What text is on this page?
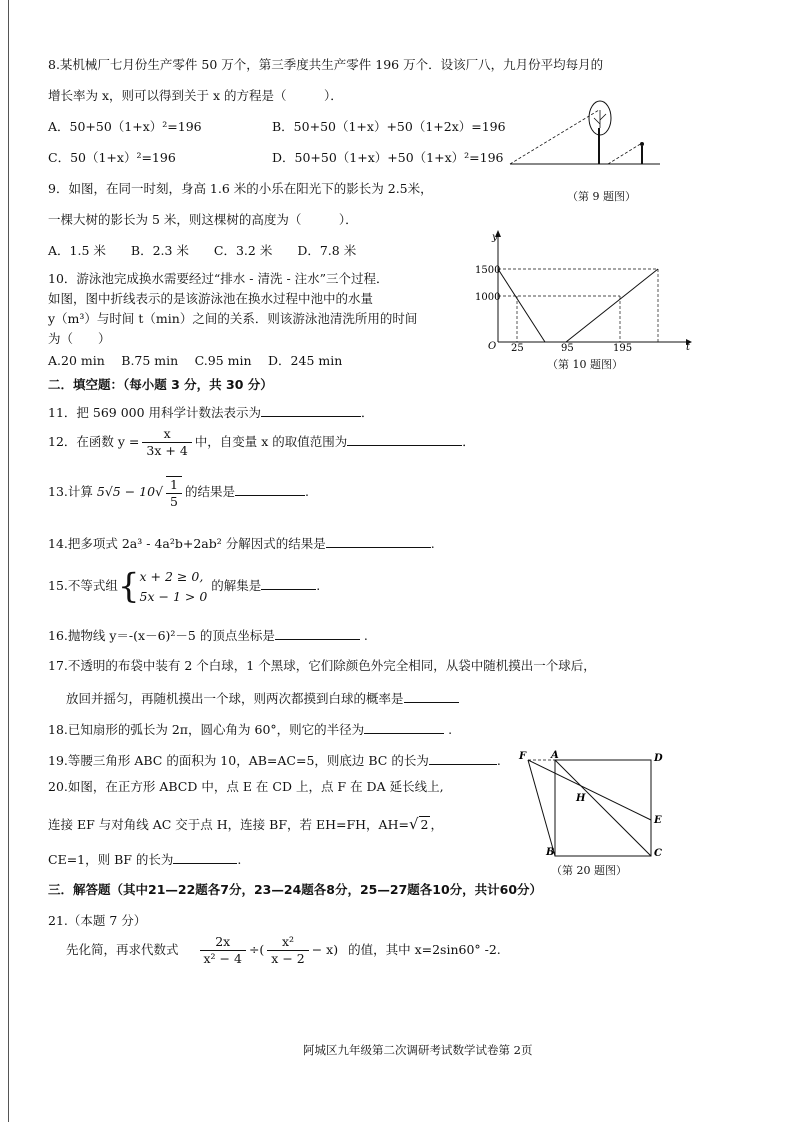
8.某机械厂七月份生产零件 50 万个，第三季度共生产零件 196 万个．设该厂八，九月份平均每月的
增长率为 x，则可以得到关于 x 的方程是（　　　）．
A．50+50（1+x）²=196	B．50+50（1+x）+50（1+2x）=196
C．50（1+x）²=196	D．50+50（1+x）+50（1+x）²=196
（第 9 题图）
9．如图，在同一时刻，身高 1.6 米的小乐在阳光下的影长为 2.5米，
一棵大树的影长为 5 米，则这棵树的高度为（　　　）．
A．1.5 米　　B．2.3 米　　C．3.2 米　　D．7.8 米
10．游泳池完成换水需要经过“排水 - 清洗 - 注水”三个过程．
如图，图中折线表示的是该游泳池在换水过程中池中的水量
y（m³）与时间 t（min）之间的关系．则该游泳池清洗所用的时间
为（　　）
A.20 min　 B.75 min　 C.95 min　 D．245 min
y
t
O
1500
1000
25	95	195
（第 10 题图）
二．填空题：（每小题 3 分，共 30 分）
11．把 569 000 用科学计数法表示为	．
12．在函数 $y = \frac{x}{3x + 4}$ 中，自变量 x 的取值范围为	．
13.计算 $5√5 - 10√ \frac{1}{5}$ 的结果是	.
14.把多项式 2a³ - 4a²b+2ab² 分解因式的结果是	.
15.不等式组{ x + 2 ≥ 0,
5x − 1 > 0
的解集是	.
16.抛物线 y＝-(x－6)²－5 的顶点坐标是	.
17.不透明的布袋中装有 2 个白球，1 个黑球，它们除颜色外完全相同，从袋中随机摸出一个球后，
放回并摇匀，再随机摸出一个球，则两次都摸到白球的概率是
18.已知扇形的弧长为 2π，圆心角为 60°，则它的半径为	.
19.等腰三角形 ABC 的面积为 10，AB=AC=5，则底边 BC 的长为	.
20.如图，在正方形 ABCD 中，点 E 在 CD 上，点 F 在 DA 延长线上,
连接 EF 与对角线 AC 交于点 H，连接 BF，若 EH=FH，AH=√ 2 ，
CE=1，则 BF 的长为	.
F A	D
H
E
B	C
（第 20 题图）
三．解答题（其中21—22题各7分，23—24题各8分，25—27题各10分，共计60分）
21.（本题 7 分）
先化简，再求代数式 $\frac{2x}{\text{x² − 4}}$ ÷( $\frac{\text{x²}}{x - 2} - x$) 的值，其中 x=2sin60° -2.
阿城区九年级第二次调研考试数学试卷第 2页
